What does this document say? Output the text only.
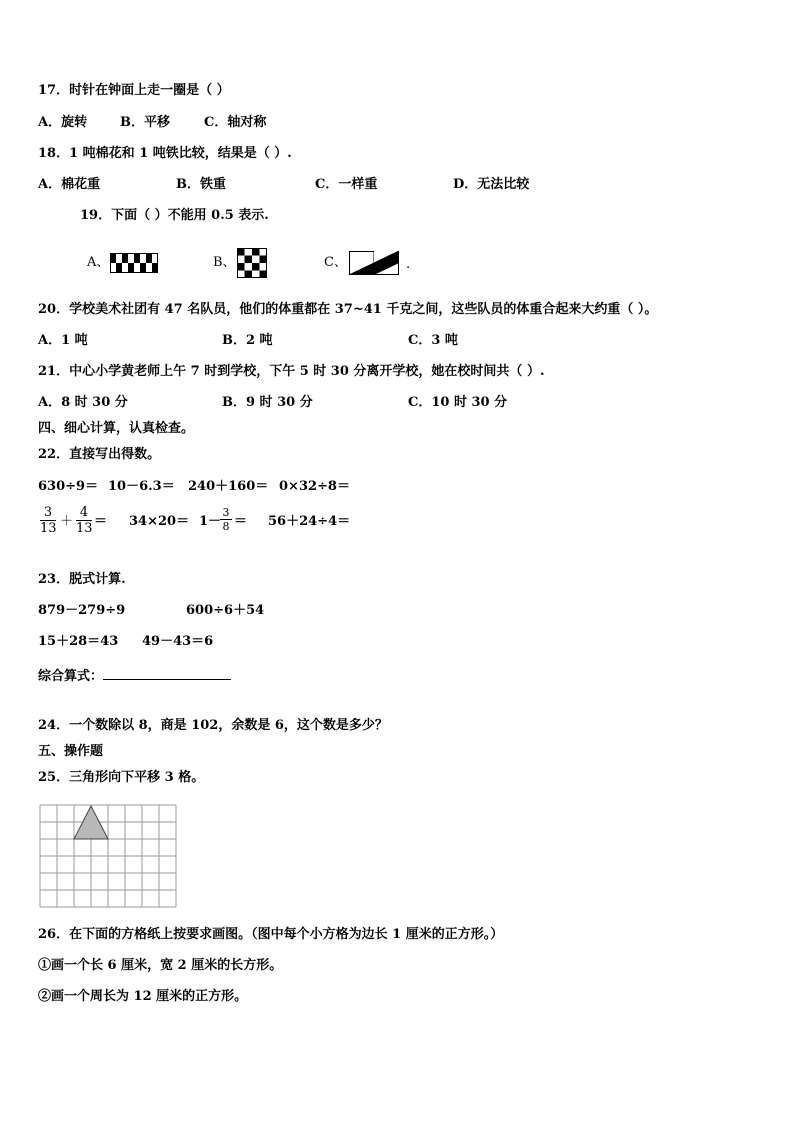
17．时针在钟面上走一圈是（ ）
A．旋转	B．平移	C．轴对称
18．1 吨棉花和 1 吨铁比较，结果是（ ）.
A．棉花重	B．铁重	C．一样重	D．无法比较
19．下面（ ）不能用 0.5 表示.
A、	B、	C、	.
20．学校美术社团有 47 名队员，他们的体重都在 37~41 千克之间，这些队员的体重合起来大约重（ ）。
A．1 吨	B．2 吨	C．3 吨
21．中心小学黄老师上午 7 时到学校，下午 5 时 30 分离开学校，她在校时间共（ ）.
A．8 时 30 分	B．9 时 30 分	C．10 时 30 分
四、细心计算，认真检查。
22．直接写出得数。
630÷9＝ 10－6.3＝ 240＋160＝ 0×32÷8＝
$\frac{3}{13} + \frac{4}{13} = 34\times 20= 1-$
$\frac{3}{8} = 56+24\div 4=$
23．脱式计算.
879－279÷9	600÷6＋54
15＋28＝43 49－43＝6
综合算式：
24．一个数除以 8，商是 102，余数是 6，这个数是多少？
五、操作题
25．三角形向下平移 3 格。
26．在下面的方格纸上按要求画图。（图中每个小方格为边长 1 厘米的正方形。）
①画一个长 6 厘米，宽 2 厘米的长方形。
②画一个周长为 12 厘米的正方形。
